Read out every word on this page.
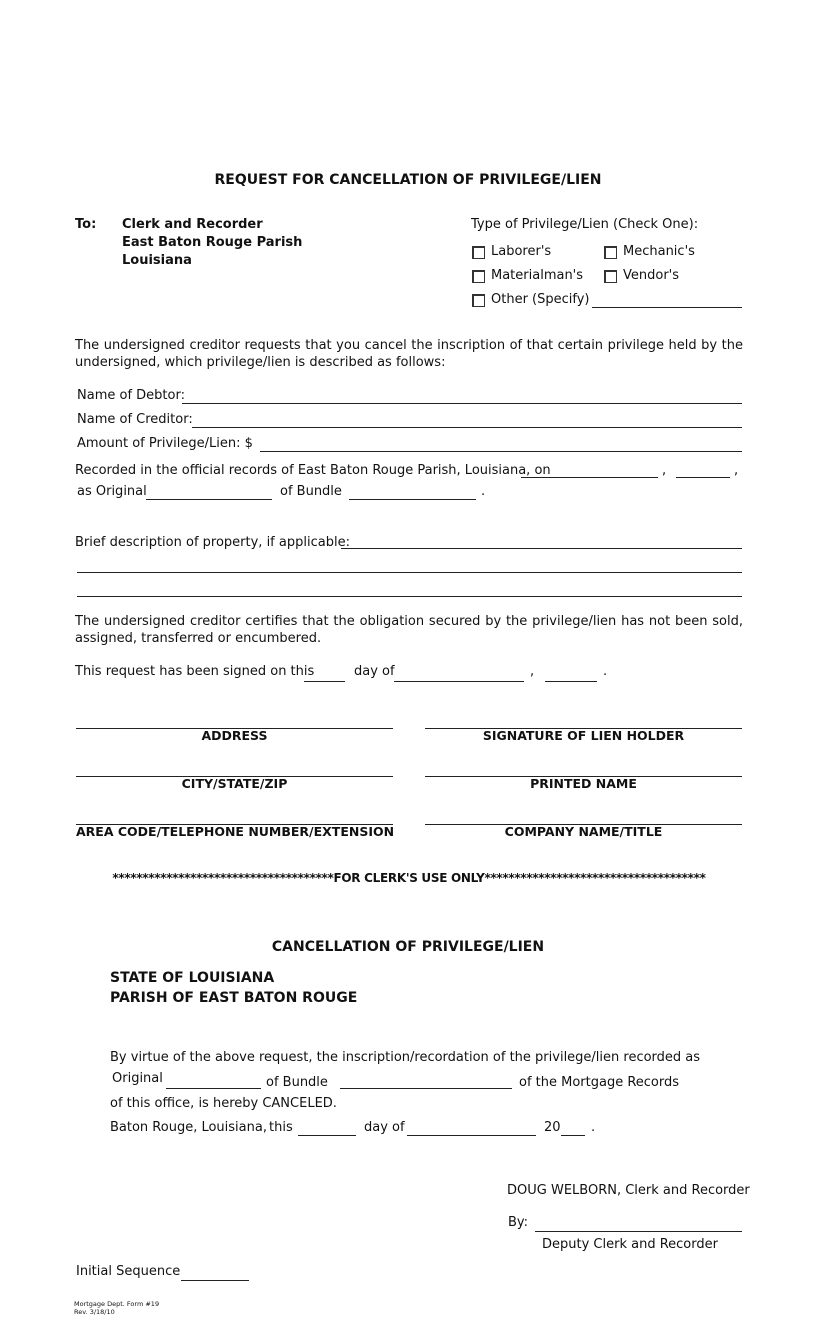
REQUEST FOR CANCELLATION OF PRIVILEGE/LIEN
To: Clerk and Recorder
East Baton Rouge Parish
Louisiana
Type of Privilege/Lien (Check One):
Laborer's	Mechanic's
Materialman's	Vendor's
Other (Specify)
The undersigned creditor requests that you cancel the inscription of that certain privilege held by the undersigned, which privilege/lien is described as follows:
Name of Debtor:
Name of Creditor:
Amount of Privilege/Lien: $
Recorded in the official records of East Baton Rouge Parish, Louisiana, on	,	,
as Original	of Bundle	.
Brief description of property, if applicable:
The undersigned creditor certifies that the obligation secured by the privilege/lien has not been sold, assigned, transferred or encumbered.
This request has been signed on this	day of	,	.
ADDRESS	SIGNATURE OF LIEN HOLDER
CITY/STATE/ZIP	PRINTED NAME
AREA CODE/TELEPHONE NUMBER/EXTENSION	COMPANY NAME/TITLE
*************************************FOR CLERK'S USE ONLY*************************************
CANCELLATION OF PRIVILEGE/LIEN
STATE OF LOUISIANA
PARISH OF EAST BATON ROUGE
By virtue of the above request, the inscription/recordation of the privilege/lien recorded as
Original	of Bundle	of the Mortgage Records
of this office, is hereby CANCELED.
Baton Rouge, Louisiana, this	day of	20 .
DOUG WELBORN, Clerk and Recorder
By:
Deputy Clerk and Recorder
Initial Sequence
Mortgage Dept. Form #19
Rev. 3/18/10
